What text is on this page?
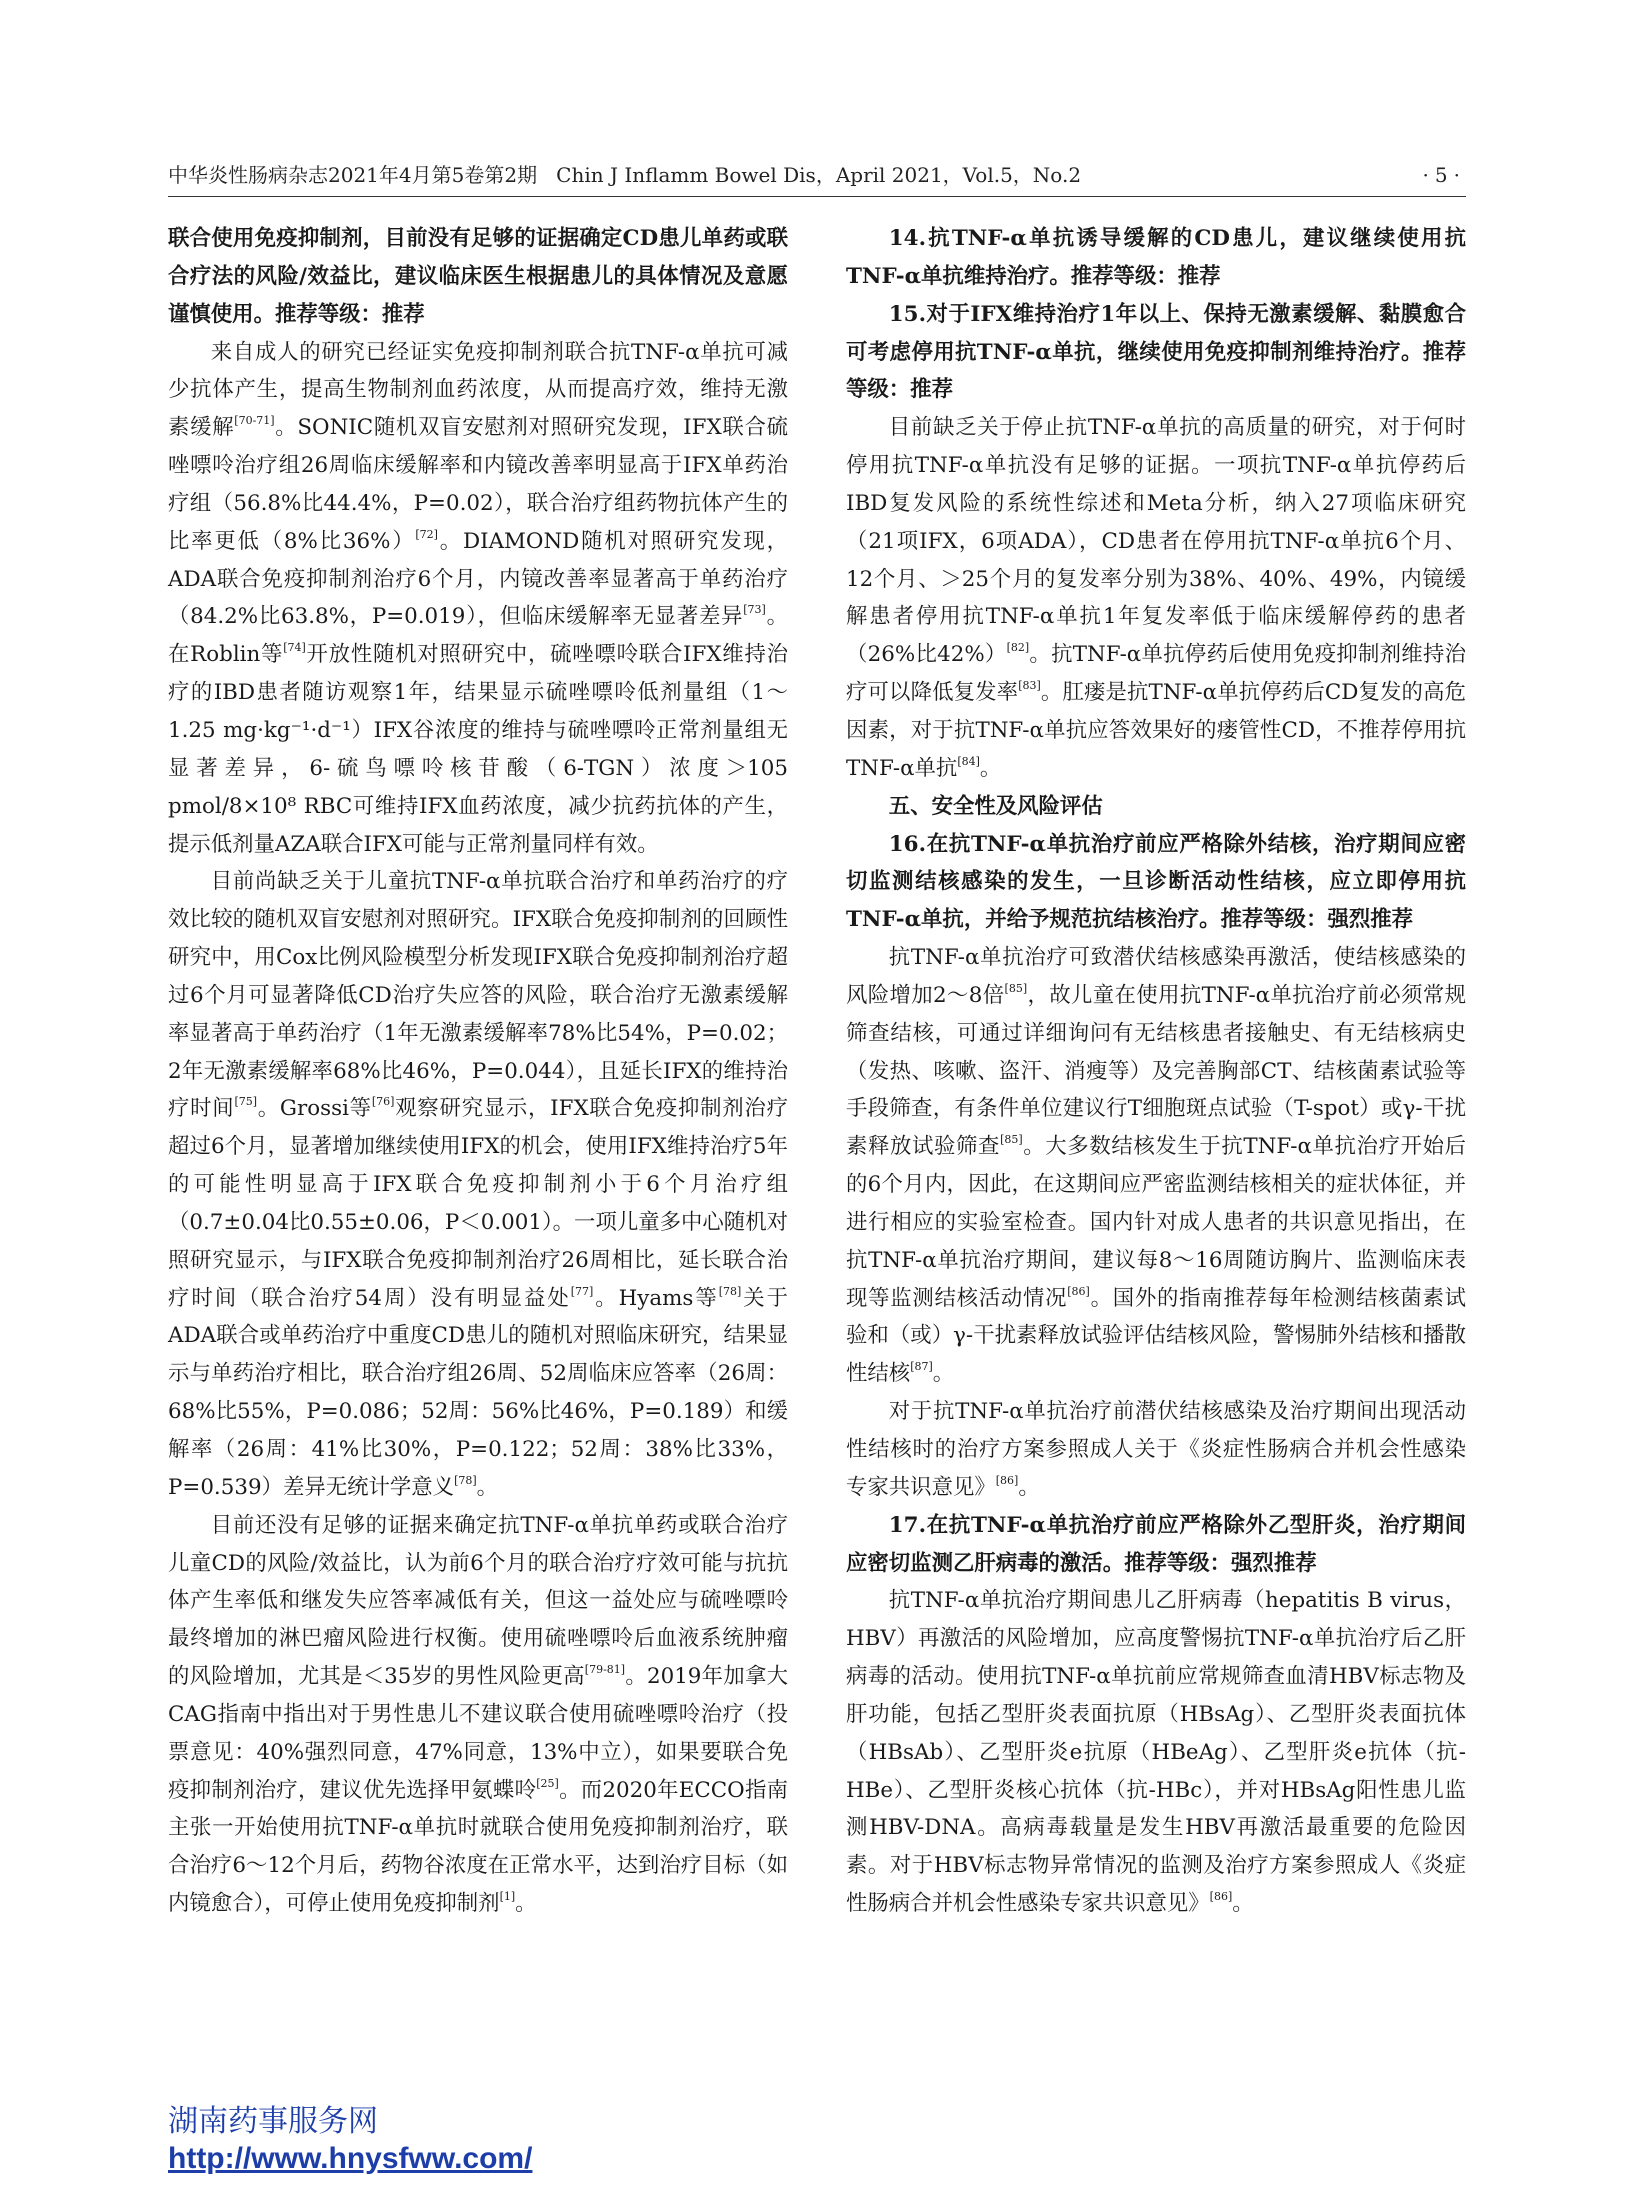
中华炎性肠病杂志2021年4月第5卷第2期 Chin J Inflamm Bowel Dis，April 2021，Vol.5，No.2	·5·

联合使用免疫抑制剂，目前没有足够的证据确定CD患儿单药或联合疗法的风险/效益比，建议临床医生根据患儿的具体情况及意愿谨慎使用。推荐等级：推荐

来自成人的研究已经证实免疫抑制剂联合抗TNF-α单抗可减少抗体产生，提高生物制剂血药浓度，从而提高疗效，维持无激素缓解[70-71]。SONIC随机双盲安慰剂对照研究发现，IFX联合硫唑嘌呤治疗组26周临床缓解率和内镜改善率明显高于IFX单药治疗组（56.8%比44.4%，P=0.02），联合治疗组药物抗体产生的比率更低（8%比36%）[72]。DIAMOND随机对照研究发现，ADA联合免疫抑制剂治疗6个月，内镜改善率显著高于单药治疗（84.2%比63.8%，P=0.019），但临床缓解率无显著差异[73]。在Roblin等[74]开放性随机对照研究中，硫唑嘌呤联合IFX维持治疗的IBD患者随访观察1年，结果显示硫唑嘌呤低剂量组（1～1.25 mg·kg⁻¹·d⁻¹）IFX谷浓度的维持与硫唑嘌呤正常剂量组无显著差异，6-硫鸟嘌呤核苷酸（6-TGN）浓度＞105 pmol/8×10⁸ RBC可维持IFX血药浓度，减少抗药抗体的产生，提示低剂量AZA联合IFX可能与正常剂量同样有效。

目前尚缺乏关于儿童抗TNF-α单抗联合治疗和单药治疗的疗效比较的随机双盲安慰剂对照研究。IFX联合免疫抑制剂的回顾性研究中，用Cox比例风险模型分析发现IFX联合免疫抑制剂治疗超过6个月可显著降低CD治疗失应答的风险，联合治疗无激素缓解率显著高于单药治疗（1年无激素缓解率78%比54%，P=0.02；2年无激素缓解率68%比46%，P=0.044），且延长IFX的维持治疗时间[75]。Grossi等[76]观察研究显示，IFX联合免疫抑制剂治疗超过6个月，显著增加继续使用IFX的机会，使用IFX维持治疗5年的可能性明显高于IFX联合免疫抑制剂小于6个月治疗组（0.7±0.04比0.55±0.06，P＜0.001）。一项儿童多中心随机对照研究显示，与IFX联合免疫抑制剂治疗26周相比，延长联合治疗时间（联合治疗54周）没有明显益处[77]。Hyams等[78]关于ADA联合或单药治疗中重度CD患儿的随机对照临床研究，结果显示与单药治疗相比，联合治疗组26周、52周临床应答率（26周：68%比55%，P=0.086；52周：56%比46%，P=0.189）和缓解率（26周：41%比30%，P=0.122；52周：38%比33%，P=0.539）差异无统计学意义[78]。

目前还没有足够的证据来确定抗TNF-α单抗单药或联合治疗儿童CD的风险/效益比，认为前6个月的联合治疗疗效可能与抗抗体产生率低和继发失应答率减低有关，但这一益处应与硫唑嘌呤最终增加的淋巴瘤风险进行权衡。使用硫唑嘌呤后血液系统肿瘤的风险增加，尤其是＜35岁的男性风险更高[79-81]。2019年加拿大CAG指南中指出对于男性患儿不建议联合使用硫唑嘌呤治疗（投票意见：40%强烈同意，47%同意，13%中立），如果要联合免疫抑制剂治疗，建议优先选择甲氨蝶呤[25]。而2020年ECCO指南主张一开始使用抗TNF-α单抗时就联合使用免疫抑制剂治疗，联合治疗6～12个月后，药物谷浓度在正常水平，达到治疗目标（如内镜愈合），可停止使用免疫抑制剂[1]。

14.抗TNF-α单抗诱导缓解的CD患儿，建议继续使用抗TNF-α单抗维持治疗。推荐等级：推荐

15.对于IFX维持治疗1年以上、保持无激素缓解、黏膜愈合可考虑停用抗TNF-α单抗，继续使用免疫抑制剂维持治疗。推荐等级：推荐

目前缺乏关于停止抗TNF-α单抗的高质量的研究，对于何时停用抗TNF-α单抗没有足够的证据。一项抗TNF-α单抗停药后IBD复发风险的系统性综述和Meta分析，纳入27项临床研究（21项IFX，6项ADA），CD患者在停用抗TNF-α单抗6个月、12个月、＞25个月的复发率分别为38%、40%、49%，内镜缓解患者停用抗TNF-α单抗1年复发率低于临床缓解停药的患者（26%比42%）[82]。抗TNF-α单抗停药后使用免疫抑制剂维持治疗可以降低复发率[83]。肛瘘是抗TNF-α单抗停药后CD复发的高危因素，对于抗TNF-α单抗应答效果好的瘘管性CD，不推荐停用抗TNF-α单抗[84]。

五、安全性及风险评估

16.在抗TNF-α单抗治疗前应严格除外结核，治疗期间应密切监测结核感染的发生，一旦诊断活动性结核，应立即停用抗TNF-α单抗，并给予规范抗结核治疗。推荐等级：强烈推荐

抗TNF-α单抗治疗可致潜伏结核感染再激活，使结核感染的风险增加2～8倍[85]，故儿童在使用抗TNF-α单抗治疗前必须常规筛查结核，可通过详细询问有无结核患者接触史、有无结核病史（发热、咳嗽、盗汗、消瘦等）及完善胸部CT、结核菌素试验等手段筛查，有条件单位建议行T细胞斑点试验（T-spot）或γ-干扰素释放试验筛查[85]。大多数结核发生于抗TNF-α单抗治疗开始后的6个月内，因此，在这期间应严密监测结核相关的症状体征，并进行相应的实验室检查。国内针对成人患者的共识意见指出，在抗TNF-α单抗治疗期间，建议每8～16周随访胸片、监测临床表现等监测结核活动情况[86]。国外的指南推荐每年检测结核菌素试验和（或）γ-干扰素释放试验评估结核风险，警惕肺外结核和播散性结核[87]。

对于抗TNF-α单抗治疗前潜伏结核感染及治疗期间出现活动性结核时的治疗方案参照成人关于《炎症性肠病合并机会性感染专家共识意见》[86]。

17.在抗TNF-α单抗治疗前应严格除外乙型肝炎，治疗期间应密切监测乙肝病毒的激活。推荐等级：强烈推荐

抗TNF-α单抗治疗期间患儿乙肝病毒（hepatitis B virus，HBV）再激活的风险增加，应高度警惕抗TNF-α单抗治疗后乙肝病毒的活动。使用抗TNF-α单抗前应常规筛查血清HBV标志物及肝功能，包括乙型肝炎表面抗原（HBsAg）、乙型肝炎表面抗体（HBsAb）、乙型肝炎e抗原（HBeAg）、乙型肝炎e抗体（抗-HBe）、乙型肝炎核心抗体（抗-HBc），并对HBsAg阳性患儿监测HBV-DNA。高病毒载量是发生HBV再激活最重要的危险因素。对于HBV标志物异常情况的监测及治疗方案参照成人《炎症性肠病合并机会性感染专家共识意见》[86]。

湖南药事服务网
http://www.hnysfww.com/
